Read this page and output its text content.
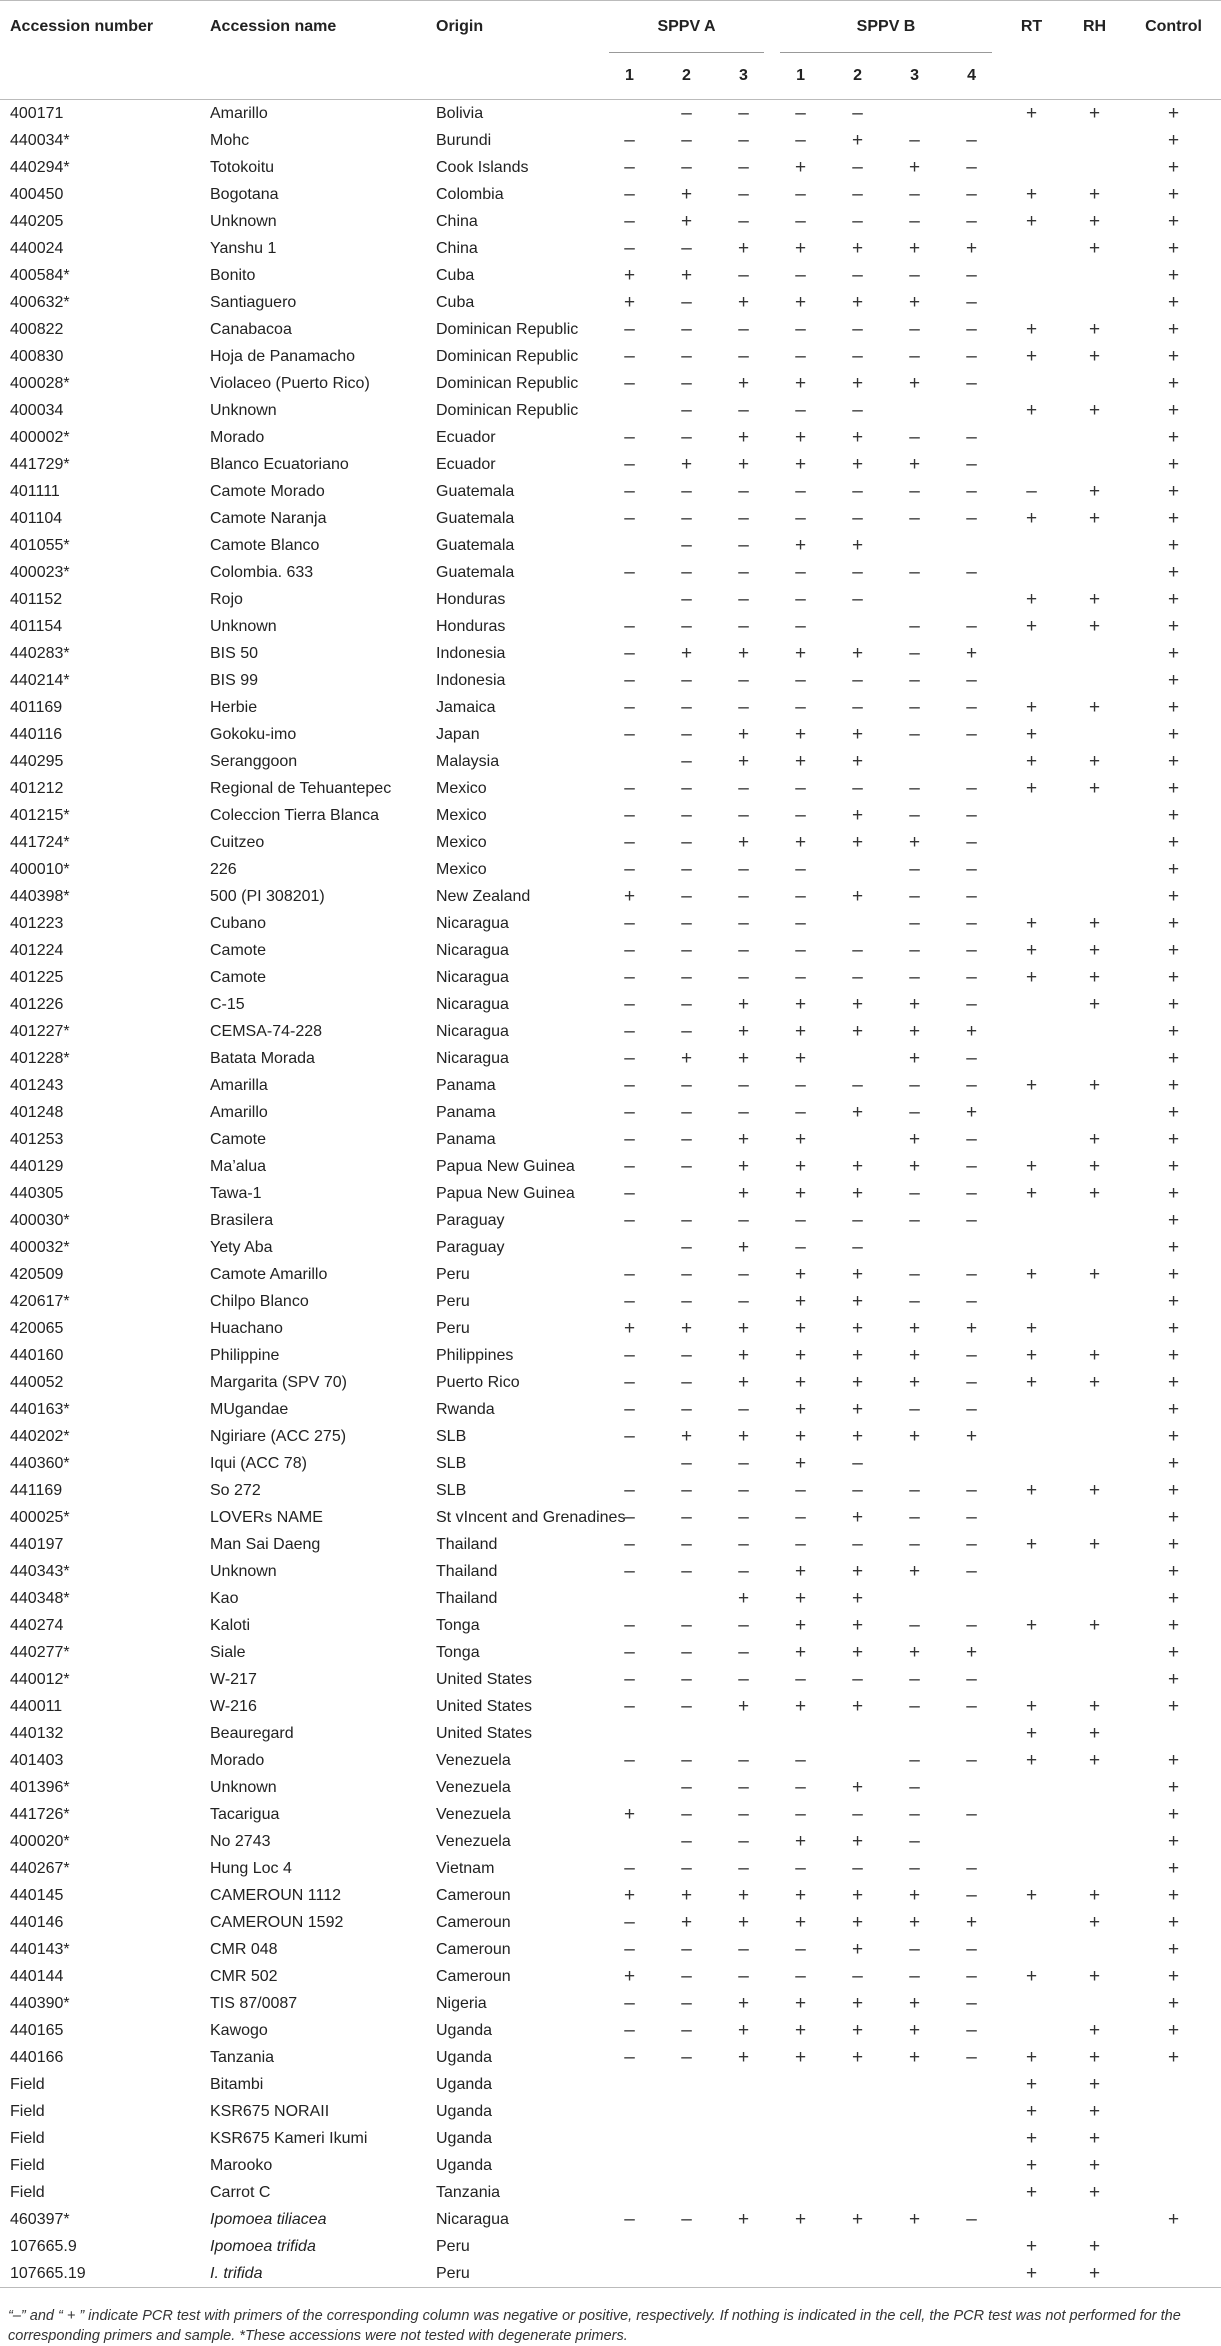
Accession number	Accession name	Origin	SPPV A			SPPV B				RT	RH	Control
			1	2	3	1	2	3	4			
400171	Amarillo	Bolivia		–	–	–	–			+	+	+
440034*	Mohc	Burundi	–	–	–	–	+	–	–			+
440294*	Totokoitu	Cook Islands	–	–	–	+	–	+	–			+
400450	Bogotana	Colombia	–	+	–	–	–	–	–	+	+	+
440205	Unknown	China	–	+	–	–	–	–	–	+	+	+
440024	Yanshu 1	China	–	–	+	+	+	+	+		+	+
400584*	Bonito	Cuba	+	+	–	–	–	–	–			+
400632*	Santiaguero	Cuba	+	–	+	+	+	+	–			+
400822	Canabacoa	Dominican Republic	–	–	–	–	–	–	–	+	+	+
400830	Hoja de Panamacho	Dominican Republic	–	–	–	–	–	–	–	+	+	+
400028*	Violaceo (Puerto Rico)	Dominican Republic	–	–	+	+	+	+	–			+
400034	Unknown	Dominican Republic		–	–	–	–			+	+	+
400002*	Morado	Ecuador	–	–	+	+	+	–	–			+
441729*	Blanco Ecuatoriano	Ecuador	–	+	+	+	+	+	–			+
401111	Camote Morado	Guatemala	–	–	–	–	–	–	–	–	+	+
401104	Camote Naranja	Guatemala	–	–	–	–	–	–	–	+	+	+
401055*	Camote Blanco	Guatemala		–	–	+	+					+
400023*	Colombia. 633	Guatemala	–	–	–	–	–	–	–			+
401152	Rojo	Honduras		–	–	–	–			+	+	+
401154	Unknown	Honduras	–	–	–	–		–	–	+	+	+
440283*	BIS 50	Indonesia	–	+	+	+	+	–	+			+
440214*	BIS 99	Indonesia	–	–	–	–	–	–	–			+
401169	Herbie	Jamaica	–	–	–	–	–	–	–	+	+	+
440116	Gokoku-imo	Japan	–	–	+	+	+	–	–	+		+
440295	Seranggoon	Malaysia		–	+	+	+			+	+	+
401212	Regional de Tehuantepec	Mexico	–	–	–	–	–	–	–	+	+	+
401215*	Coleccion Tierra Blanca	Mexico	–	–	–	–	+	–	–			+
441724*	Cuitzeo	Mexico	–	–	+	+	+	+	–			+
400010*	226	Mexico	–	–	–	–		–	–			+
440398*	500 (PI 308201)	New Zealand	+	–	–	–	+	–	–			+
401223	Cubano	Nicaragua	–	–	–	–		–	–	+	+	+
401224	Camote	Nicaragua	–	–	–	–	–	–	–	+	+	+
401225	Camote	Nicaragua	–	–	–	–	–	–	–	+	+	+
401226	C-15	Nicaragua	–	–	+	+	+	+	–		+	+
401227*	CEMSA-74-228	Nicaragua	–	–	+	+	+	+	+			+
401228*	Batata Morada	Nicaragua	–	+	+	+		+	–			+
401243	Amarilla	Panama	–	–	–	–	–	–	–	+	+	+
401248	Amarillo	Panama	–	–	–	–	+	–	+			+
401253	Camote	Panama	–	–	+	+		+	–		+	+
440129	Ma’alua	Papua New Guinea	–	–	+	+	+	+	–	+	+	+
440305	Tawa-1	Papua New Guinea	–		+	+	+	–	–	+	+	+
400030*	Brasilera	Paraguay	–	–	–	–	–	–	–			+
400032*	Yety Aba	Paraguay		–	+	–	–					+
420509	Camote Amarillo	Peru	–	–	–	+	+	–	–	+	+	+
420617*	Chilpo Blanco	Peru	–	–	–	+	+	–	–			+
420065	Huachano	Peru	+	+	+	+	+	+	+	+		+
440160	Philippine	Philippines	–	–	+	+	+	+	–	+	+	+
440052	Margarita (SPV 70)	Puerto Rico	–	–	+	+	+	+	–	+	+	+
440163*	MUgandae	Rwanda	–	–	–	+	+	–	–			+
440202*	Ngiriare (ACC 275)	SLB	–	+	+	+	+	+	+			+
440360*	Iqui (ACC 78)	SLB		–	–	+	–					+
441169	So 272	SLB	–	–	–	–	–	–	–	+	+	+
400025*	LOVERs NAME	St vIncent and Grenadines	–	–	–	–	+	–	–			+
440197	Man Sai Daeng	Thailand	–	–	–	–	–	–	–	+	+	+
440343*	Unknown	Thailand	–	–	–	+	+	+	–			+
440348*	Kao	Thailand			+	+	+					+
440274	Kaloti	Tonga	–	–	–	+	+	–	–	+	+	+
440277*	Siale	Tonga	–	–	–	+	+	+	+			+
440012*	W-217	United States	–	–	–	–	–	–	–			+
440011	W-216	United States	–	–	+	+	+	–	–	+	+	+
440132	Beauregard	United States								+	+	
401403	Morado	Venezuela	–	–	–	–		–	–	+	+	+
401396*	Unknown	Venezuela		–	–	–	+	–				+
441726*	Tacarigua	Venezuela	+	–	–	–	–	–	–			+
400020*	No 2743	Venezuela		–	–	+	+	–				+
440267*	Hung Loc 4	Vietnam	–	–	–	–	–	–	–			+
440145	CAMEROUN 1112	Cameroun	+	+	+	+	+	+	–	+	+	+
440146	CAMEROUN 1592	Cameroun	–	+	+	+	+	+	+		+	+
440143*	CMR 048	Cameroun	–	–	–	–	+	–	–			+
440144	CMR 502	Cameroun	+	–	–	–	–	–	–	+	+	+
440390*	TIS 87/0087	Nigeria	–	–	+	+	+	+	–			+
440165	Kawogo	Uganda	–	–	+	+	+	+	–		+	+
440166	Tanzania	Uganda	–	–	+	+	+	+	–	+	+	+
Field	Bitambi	Uganda								+	+	
Field	KSR675 NORAII	Uganda								+	+	
Field	KSR675 Kameri Ikumi	Uganda								+	+	
Field	Marooko	Uganda								+	+	
Field	Carrot C	Tanzania								+	+	
460397*	Ipomoea tiliacea	Nicaragua	–	–	+	+	+	+	–			+
107665.9	Ipomoea trifida	Peru								+	+	
107665.19	I. trifida	Peru								+	+	
“–” and “ + ” indicate PCR test with primers of the corresponding column was negative or positive, respectively. If nothing is indicated in the cell, the PCR test was not performed for the corresponding primers and sample. *These accessions were not tested with degenerate primers.
